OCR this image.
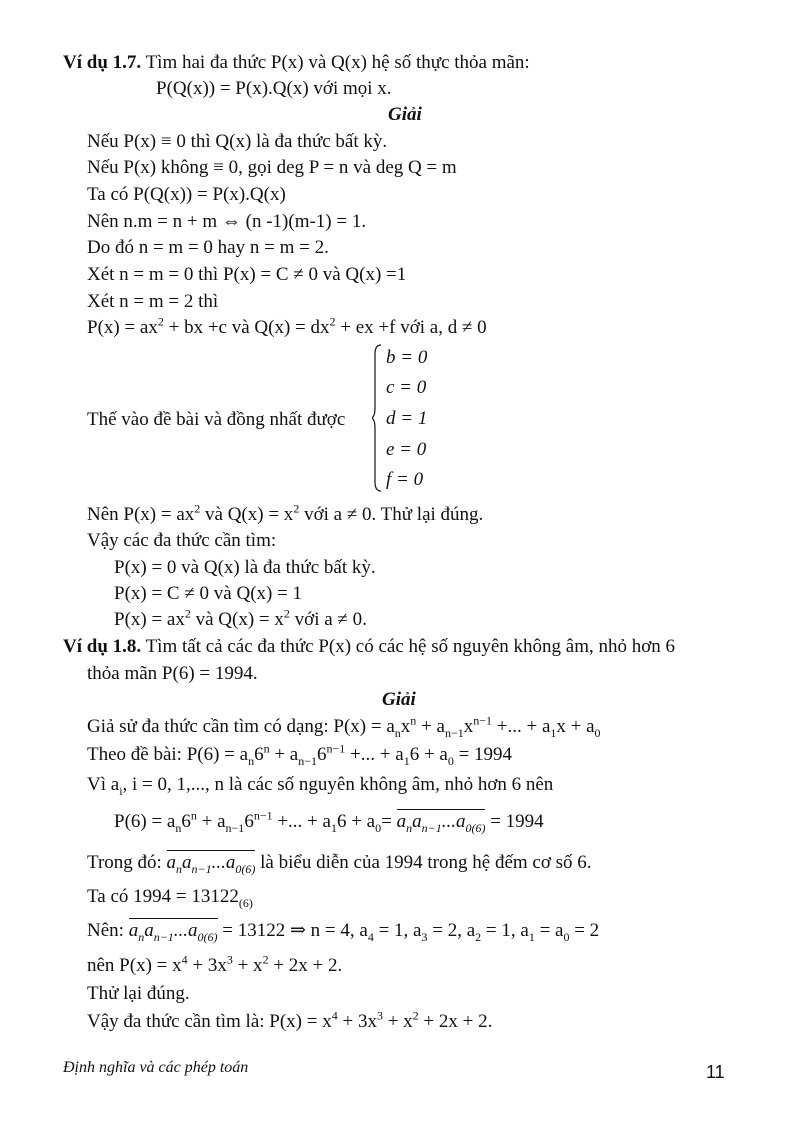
Ví dụ 1.7. Tìm hai đa thức P(x) và Q(x) hệ số thực thỏa mãn:
P(Q(x)) = P(x).Q(x) với mọi x.
Giải
Nếu P(x) ≡ 0 thì Q(x) là đa thức bất kỳ.
Nếu P(x) không ≡ 0, gọi deg P = n và deg Q = m
Ta có P(Q(x)) = P(x).Q(x)
Nên n.m = n + m ⇔ (n -1)(m-1) = 1.
Do đó n = m = 0 hay n = m = 2.
Xét n = m = 0 thì P(x) = C ≠ 0 và Q(x) =1
Xét n = m = 2 thì
$P(x) = ax^2$ + bx +c và $Q(x) = dx^2$ + ex +f với a, d ≠ 0
Thế vào đề bài và đồng nhất được
b = 0
c = 0
d = 1
e = 0
f = 0
Nên $P(x) = ax^2$ và $Q(x) = x^2$ với a ≠ 0. Thử lại đúng.
Vậy các đa thức cần tìm:
P(x) = 0 và Q(x) là đa thức bất kỳ.
P(x) = C ≠ 0 và Q(x) = 1
$P(x) = ax^2$ và $Q(x) = x^2$ với a ≠ 0.
Ví dụ 1.8. Tìm tất cả các đa thức P(x) có các hệ số nguyên không âm, nhỏ hơn 6
thỏa mãn P(6) = 1994.
Giải
Giả sử đa thức cần tìm có dạng: $P(x) = a_nx^n + a_{n-1}x^{n-1}$ +... + $a_1x + a_0$
Theo đề bài: $P(6) = a_n6^n + a_{n-1}6^{n-1}$ +... + $a_16 + a_0 = 1994$
Vì $a_i$, i = 0, 1,..., n là các số nguyên không âm, nhỏ hơn 6 nên
$P(6) = a_n6^n + a_{n-1}6^{n-1}$ +... + $a_16 + a_0= a_na_{n-1}...a_{0(6)} = 1994$
Trong đó: $a_na_{n-1}...a_{0(6)}$ là biểu diễn của 1994 trong hệ đếm cơ số 6.
Ta có $1994 = 13122_{(6)}$
Nên: $a_na_{n-1}...a_{0(6)} = 13122$ ⇒ n = 4, $a_4 = 1$, $a_3 = 2$, $a_2 = 1$, $a_1 = a_0 = 2$
nên $P(x) = x^4 + 3x^3 + x^2 + 2x + 2$.
Thử lại đúng.
Vậy đa thức cần tìm là: $P(x) = x^4 + 3x^3 + x^2 + 2x + 2$.
Định nghĩa và các phép toán	11
